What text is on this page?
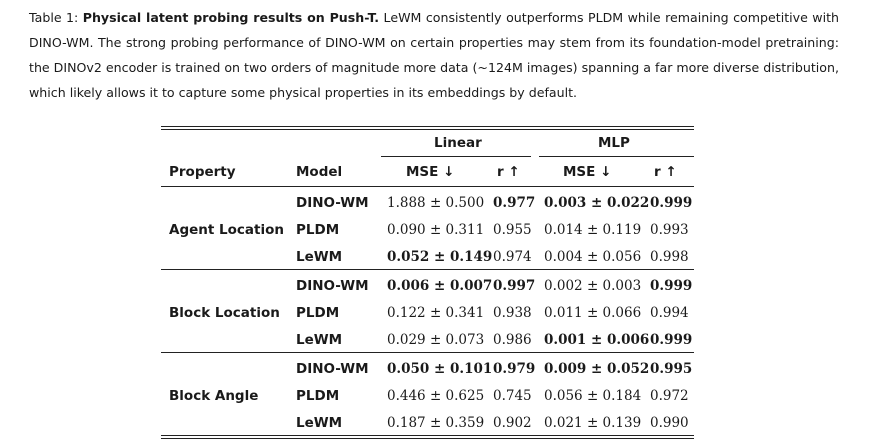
Table 1: Physical latent probing results on Push-T. LeWM consistently outperforms PLDM while remaining competitive with DINO-WM. The strong probing performance of DINO-WM on certain properties may stem from its foundation-model pretraining: the DINOv2 encoder is trained on two orders of magnitude more data (~124M images) spanning a far more diverse distribution, which likely allows it to capture some physical properties in its embeddings by default.
Linear	MLP
Property	Model	MSE ↓	r ↑	MSE ↓	r ↑
Agent Location
DINO-WM 1.888 ± 0.500 0.977 0.003 ± 0.022 0.999
PLDM	0.090 ± 0.311 0.955 0.014 ± 0.119 0.993
LeWM	0.052 ± 0.149 0.974 0.004 ± 0.056 0.998
Block Location
DINO-WM 0.006 ± 0.007 0.997 0.002 ± 0.003 0.999
PLDM	0.122 ± 0.341 0.938 0.011 ± 0.066 0.994
LeWM	0.029 ± 0.073 0.986 0.001 ± 0.006 0.999
Block Angle
DINO-WM 0.050 ± 0.101 0.979 0.009 ± 0.052 0.995
PLDM	0.446 ± 0.625 0.745 0.056 ± 0.184 0.972
LeWM	0.187 ± 0.359 0.902 0.021 ± 0.139 0.990
